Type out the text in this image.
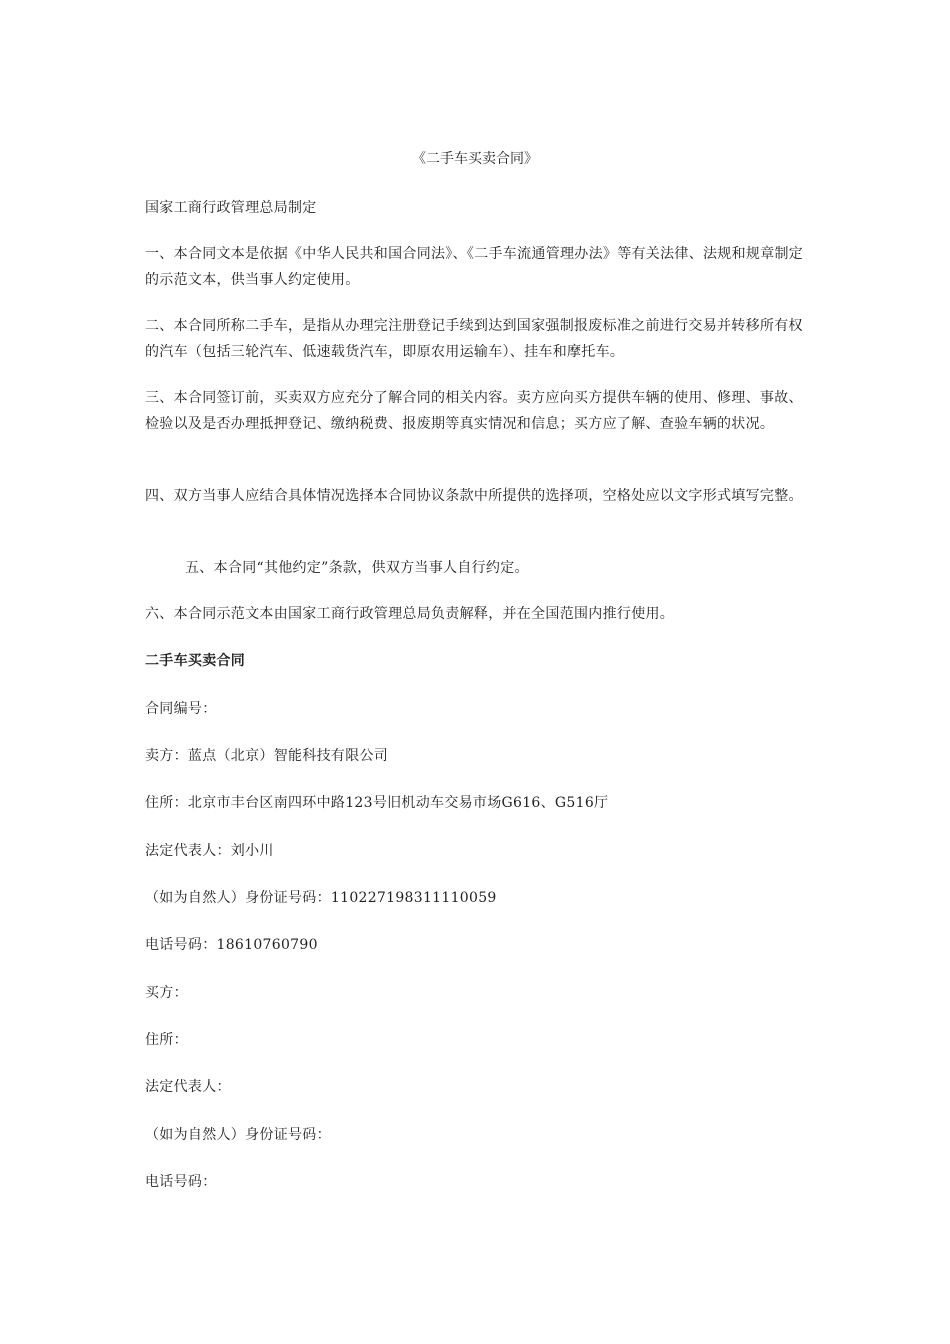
《二手车买卖合同》
国家工商行政管理总局制定
一、本合同文本是依据《中华人民共和国合同法》、《二手车流通管理办法》等有关法律、法规和规章制定的示范文本，供当事人约定使用。
二、本合同所称二手车，是指从办理完注册登记手续到达到国家强制报废标准之前进行交易并转移所有权的汽车（包括三轮汽车、低速载货汽车，即原农用运输车）、挂车和摩托车。
三、本合同签订前，买卖双方应充分了解合同的相关内容。卖方应向买方提供车辆的使用、修理、事故、检验以及是否办理抵押登记、缴纳税费、报废期等真实情况和信息；买方应了解、查验车辆的状况。
四、双方当事人应结合具体情况选择本合同协议条款中所提供的选择项，空格处应以文字形式填写完整。
五、本合同“其他约定”条款，供双方当事人自行约定。
六、本合同示范文本由国家工商行政管理总局负责解释，并在全国范围内推行使用。
二手车买卖合同
合同编号：
卖方：蓝点（北京）智能科技有限公司
住所：北京市丰台区南四环中路123号旧机动车交易市场G616、G516厅
法定代表人：刘小川
（如为自然人）身份证号码：110227198311110059
电话号码：18610760790
买方：
住所：
法定代表人：
（如为自然人）身份证号码：
电话号码：
